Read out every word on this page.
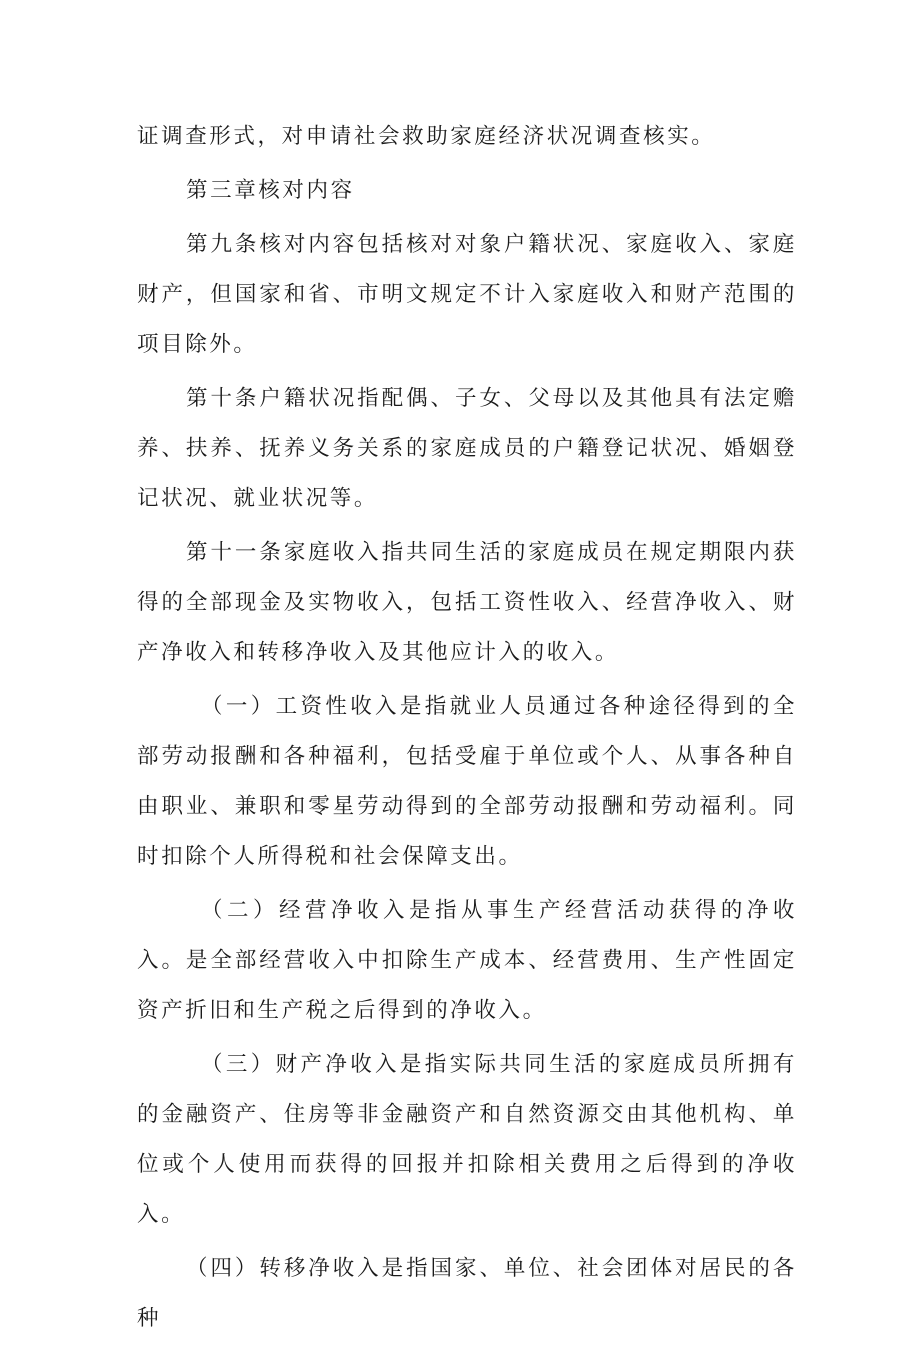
证调查形式，对申请社会救助家庭经济状况调查核实。

第三章核对内容

第九条核对内容包括核对对象户籍状况、家庭收入、家庭财产，但国家和省、市明文规定不计入家庭收入和财产范围的项目除外。

第十条户籍状况指配偶、子女、父母以及其他具有法定赡养、扶养、抚养义务关系的家庭成员的户籍登记状况、婚姻登记状况、就业状况等。

第十一条家庭收入指共同生活的家庭成员在规定期限内获得的全部现金及实物收入，包括工资性收入、经营净收入、财产净收入和转移净收入及其他应计入的收入。

（一）工资性收入是指就业人员通过各种途径得到的全部劳动报酬和各种福利，包括受雇于单位或个人、从事各种自由职业、兼职和零星劳动得到的全部劳动报酬和劳动福利。同时扣除个人所得税和社会保障支出。

（二）经营净收入是指从事生产经营活动获得的净收入。是全部经营收入中扣除生产成本、经营费用、生产性固定资产折旧和生产税之后得到的净收入。

（三）财产净收入是指实际共同生活的家庭成员所拥有的金融资产、住房等非金融资产和自然资源交由其他机构、单位或个人使用而获得的回报并扣除相关费用之后得到的净收入。

（四）转移净收入是指国家、单位、社会团体对居民的各种
